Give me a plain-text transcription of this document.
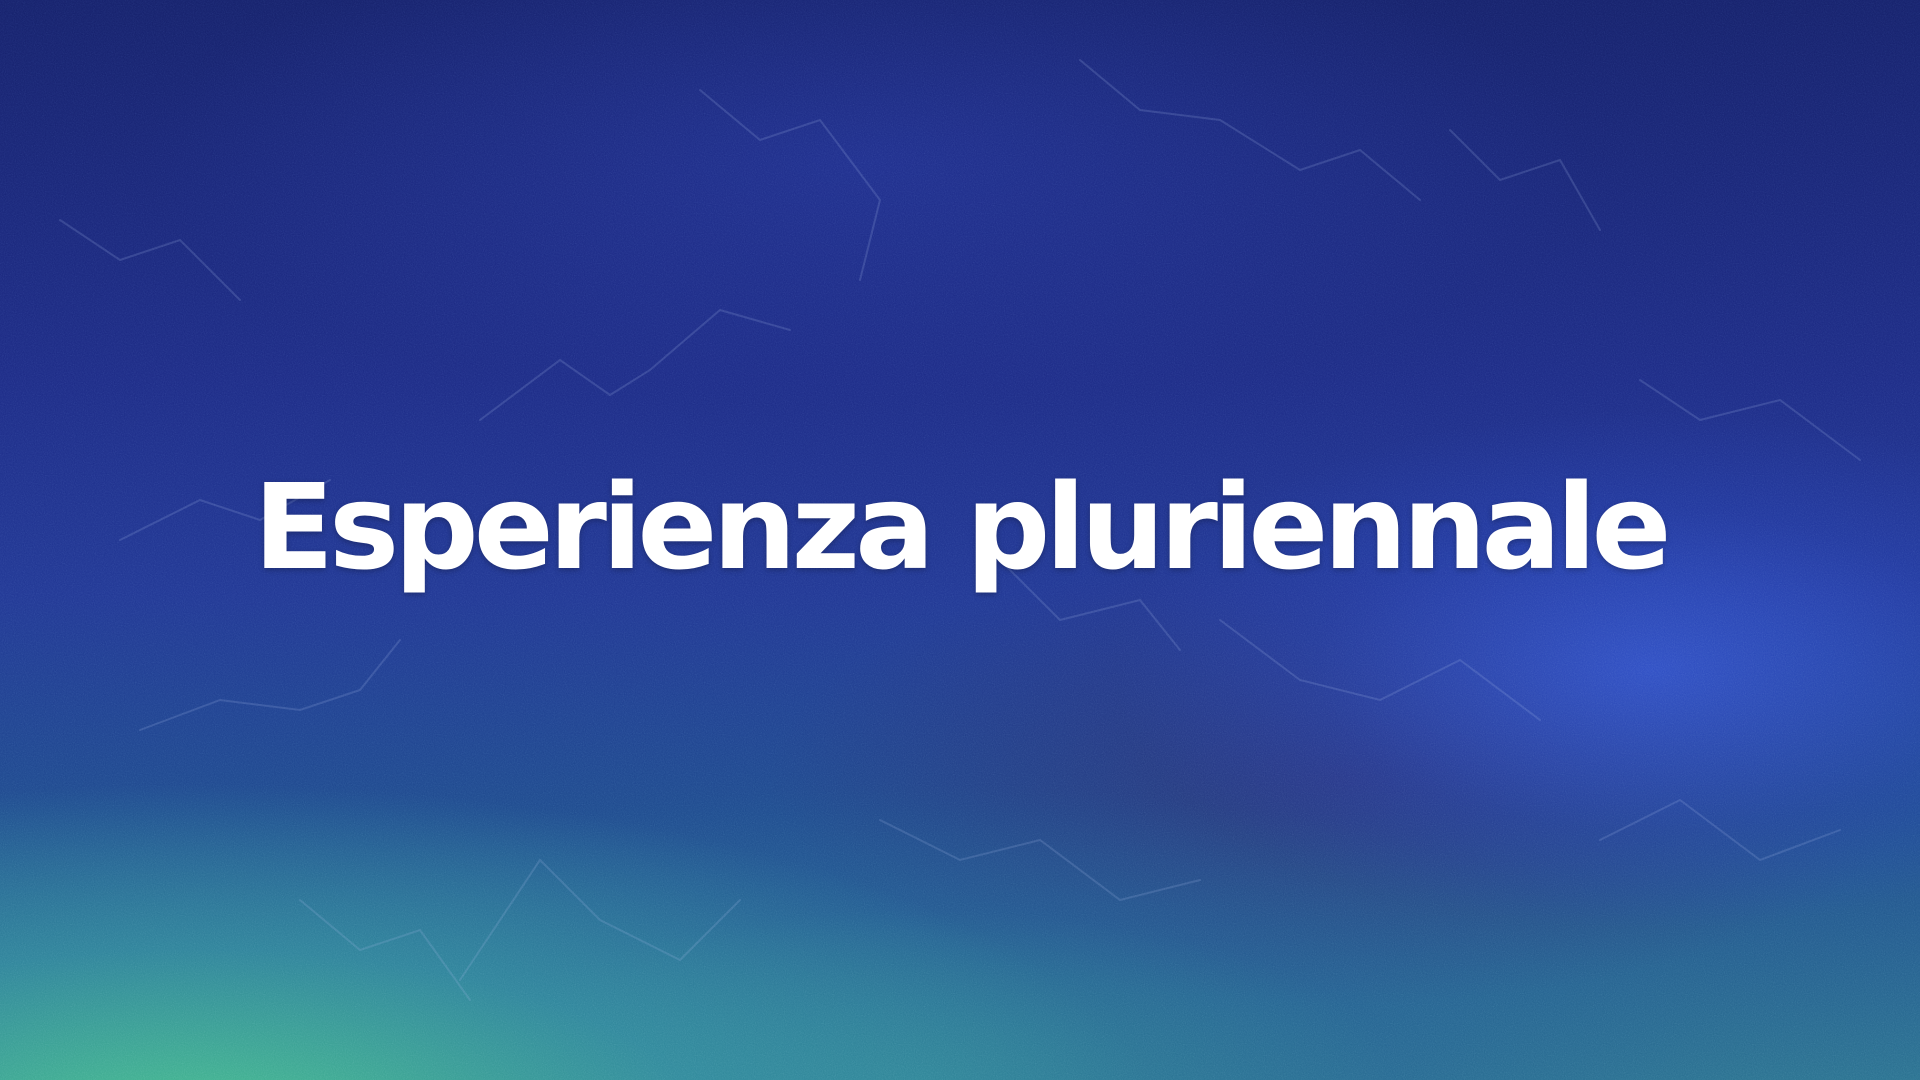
Esperienza pluriennale
